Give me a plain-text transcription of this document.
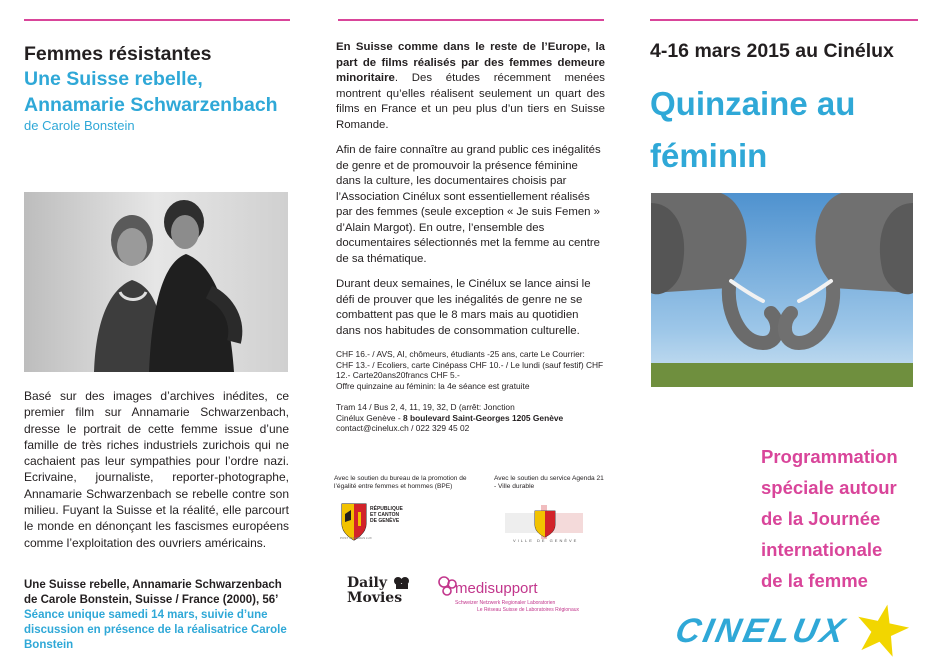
Femmes résistantes
Une Suisse rebelle,
Annamarie Schwarzenbach
de Carole Bonstein
Basé sur des images d’archives inédites, ce premier film sur Annamarie Schwarzenbach, dresse le portrait de cette femme issue d’une famille de très riches industriels zurichois qui ne cachaient pas leur sympathies pour l’ordre nazi. Ecrivaine, journaliste, reporter-photographe, Annamarie Schwarzenbach se rebelle contre son milieu. Fuyant la Suisse et la réalité, elle parcourt le monde en dénonçant les fascismes européens comme l’exploitation des ouvriers américains.
Une Suisse rebelle, Annamarie Schwarzenbach de Carole Bonstein, Suisse / France (2000), 56’
Séance unique samedi 14 mars, suivie d’une discussion en présence de la réalisatrice Carole Bonstein
En Suisse comme dans le reste de l’Europe, la part de films réalisés par des femmes demeure minoritaire. Des études récemment menées montrent qu’elles réalisent seulement un quart des films en France et un peu plus d’un tiers en Suisse Romande.
Afin de faire connaître au grand public ces inégalités de genre et de promouvoir la présence féminine dans la culture, les documentaires choisis par l’Association Cinélux sont essentiellement réalisés par des femmes (seule exception « Je suis Femen » d’Alain Margot). En outre, l’ensemble des documentaires sélectionnés met la femme au centre de sa thématique.
Durant deux semaines, le Cinélux se lance ainsi le défi de prouver que les inégalités de genre ne se combattent pas que le 8 mars mais au quotidien dans nos habitudes de consommation culturelle.
CHF 16.- / AVS, AI, chômeurs, étudiants -25 ans, carte Le Courrier: CHF 13.- / Ecoliers, carte Cinépass CHF 10.- / Le lundi (sauf festif) CHF 12.- Carte20ans20francs CHF 5.-
Offre quinzaine au féminin: la 4e séance est gratuite
Tram 14 / Bus 2, 4, 11, 19, 32, D (arrêt: Jonction
Cinélux Genève - 8 boulevard Saint-Georges 1205 Genève
contact@cinelux.ch / 022 329 45 02
Avec le soutien du bureau de la promotion de l’égalité entre femmes et hommes (BPE)
Avec le soutien du service Agenda 21 - Ville durable
RÉPUBLIQUE
ET CANTON
DE GENÈVE
POST TENEBRAS LUX	VILLE DE GENÈVE
Daily
Movies
medisupport
Schweizer Netzwerk Regionaler Laboratorien
Le Réseau Suisse de Laboratoires Régionaux
4-16 mars 2015 au Cinélux
Quinzaine au féminin
Programmation
spéciale autour
de la Journée
internationale
de la femme
CINELUX
